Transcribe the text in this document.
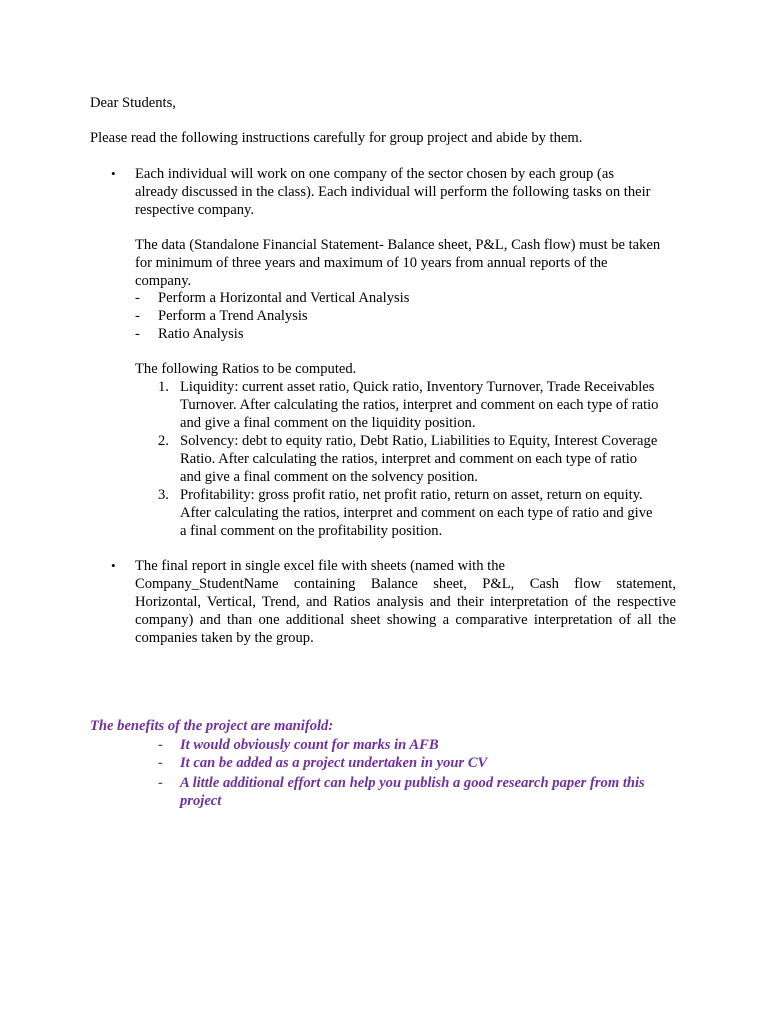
Dear Students,
Please read the following instructions carefully for group project and abide by them.
• Each individual will work on one company of the sector chosen by each group (as
already discussed in the class). Each individual will perform the following tasks on their
respective company.
The data (Standalone Financial Statement- Balance sheet, P&L, Cash flow) must be taken
for minimum of three years and maximum of 10 years from annual reports of the
company.
- Perform a Horizontal and Vertical Analysis
- Perform a Trend Analysis
- Ratio Analysis
The following Ratios to be computed.
1. Liquidity: current asset ratio, Quick ratio, Inventory Turnover, Trade Receivables
Turnover. After calculating the ratios, interpret and comment on each type of ratio
and give a final comment on the liquidity position.
2. Solvency: debt to equity ratio, Debt Ratio, Liabilities to Equity, Interest Coverage
Ratio. After calculating the ratios, interpret and comment on each type of ratio
and give a final comment on the solvency position.
3. Profitability: gross profit ratio, net profit ratio, return on asset, return on equity.
After calculating the ratios, interpret and comment on each type of ratio and give
a final comment on the profitability position.
• The final report in single excel file with sheets (named with the
Company_StudentName containing Balance sheet, P&L, Cash flow statement,
Horizontal, Vertical, Trend, and Ratios analysis and their interpretation of the respective
company) and than one additional sheet showing a comparative interpretation of all the
companies taken by the group.
The benefits of the project are manifold:
- It would obviously count for marks in AFB
- It can be added as a project undertaken in your CV
- A little additional effort can help you publish a good research paper from this
project
